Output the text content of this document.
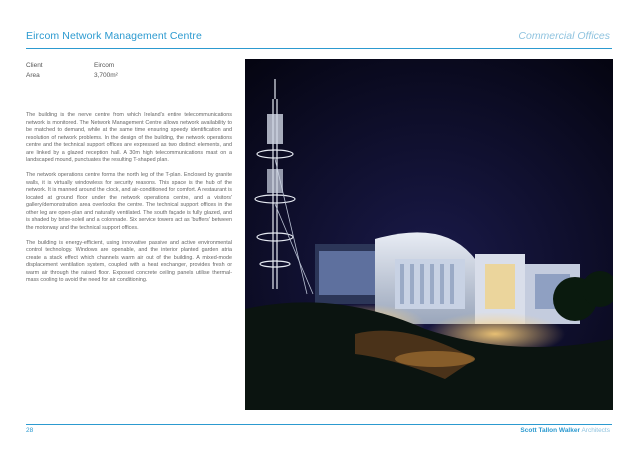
Eircom Network Management Centre	Commercial Offices
Client	Eircom
Area	3,700m²

The building is the nerve centre from which Ireland's entire telecommunications network is monitored. The Network Management Centre allows network availability to be matched to demand, while at the same time ensuring speedy identification and resolution of network problems. In the design of the building, the network operations centre and the technical support offices are expressed as two distinct elements, and are linked by a glazed reception hall. A 30m high telecommunications mast on a landscaped mound, punctuates the resulting T-shaped plan.

The network operations centre forms the north leg of the T-plan. Enclosed by granite walls, it is virtually windowless for security reasons. This space is the hub of the network. It is manned around the clock, and air-conditioned for comfort. A restaurant is located at ground floor under the network operations centre, and a visitors' gallery/demonstration area overlooks the centre. The technical support offices in the other leg are open-plan and naturally ventilated. The south façade is fully glazed, and is shaded by brise-soleil and a colonnade. Six service towers act as 'buffers' between the motorway and the technical support offices.

The building is energy-efficient, using innovative passive and active environmental control technology. Windows are openable, and the interior planted garden atria create a stack effect which channels warm air out of the building. A mixed-mode displacement ventilation system, coupled with a heat exchanger, provides fresh or warm air through the raised floor. Exposed concrete ceiling panels utilise thermal-mass cooling to avoid the need for air conditioning.

28	Scott Tallon Walker Architects
